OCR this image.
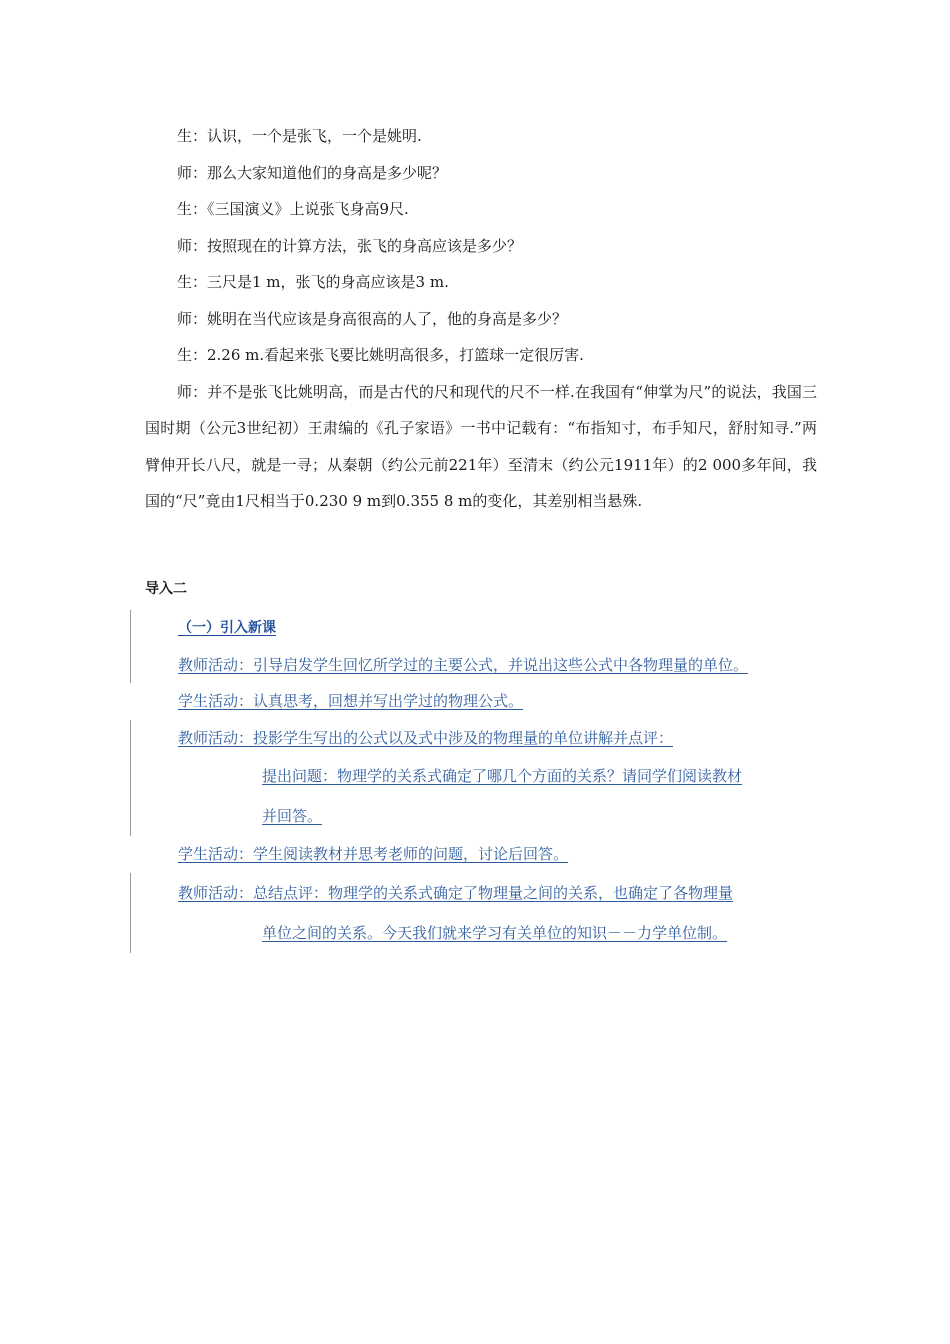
生：认识，一个是张飞，一个是姚明.
师：那么大家知道他们的身高是多少呢？
生：《三国演义》上说张飞身高9尺.
师：按照现在的计算方法，张飞的身高应该是多少？
生：三尺是1 m，张飞的身高应该是3 m.
师：姚明在当代应该是身高很高的人了，他的身高是多少？
生：2.26 m.看起来张飞要比姚明高很多，打篮球一定很厉害.
师：并不是张飞比姚明高，而是古代的尺和现代的尺不一样.在我国有“伸掌为尺”的说法，我国三国时期（公元3世纪初）王肃编的《孔子家语》一书中记载有：“布指知寸，布手知尺，舒肘知寻.”两臂伸开长八尺，就是一寻；从秦朝（约公元前221年）至清末（约公元1911年）的2 000多年间，我国的“尺”竟由1尺相当于0.230 9 m到0.355 8 m的变化，其差别相当悬殊.

导入二

（一）引入新课
教师活动：引导启发学生回忆所学过的主要公式，并说出这些公式中各物理量的单位。
学生活动：认真思考，回想并写出学过的物理公式。
教师活动：投影学生写出的公式以及式中涉及的物理量的单位讲解并点评：
提出问题：物理学的关系式确定了哪几个方面的关系？请同学们阅读教材
并回答。
学生活动：学生阅读教材并思考老师的问题，讨论后回答。
教师活动：总结点评：物理学的关系式确定了物理量之间的关系，也确定了各物理量
单位之间的关系。今天我们就来学习有关单位的知识－－力学单位制。
